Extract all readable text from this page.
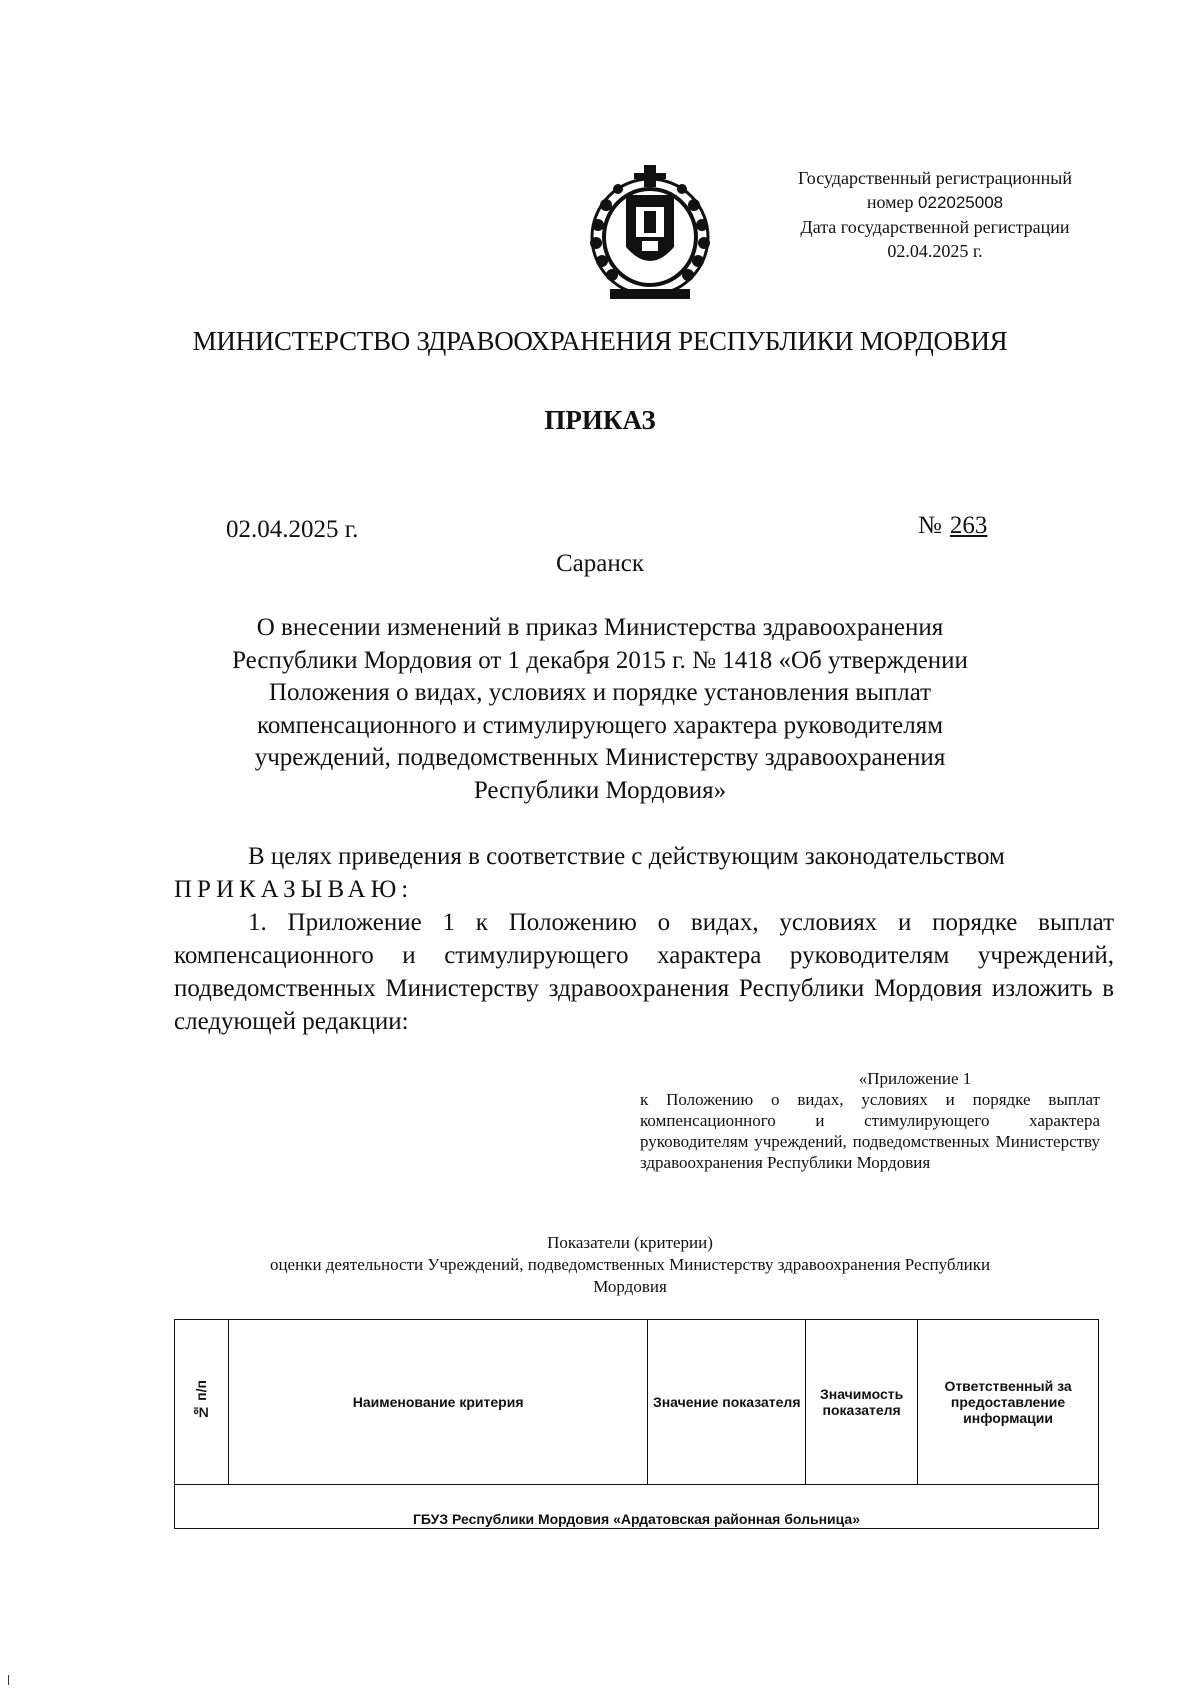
Государственный регистрационный
номер 022025008
Дата государственной регистрации
02.04.2025 г.
МИНИСТЕРСТВО ЗДРАВООХРАНЕНИЯ РЕСПУБЛИКИ МОРДОВИЯ
ПРИКАЗ
02.04.2025 г.	№ 263
Саранск
О внесении изменений в приказ Министерства здравоохранения
Республики Мордовия от 1 декабря 2015 г. № 1418 «Об утверждении
Положения о видах, условиях и порядке установления выплат
компенсационного и стимулирующего характера руководителям
учреждений, подведомственных Министерству здравоохранения
Республики Мордовия»

В целях приведения в соответствие с действующим законодательством

ПРИКАЗЫВАЮ:

1. Приложение 1 к Положению о видах, условиях и порядке выплат компенсационного и стимулирующего характера руководителям учреждений, подведомственных Министерству здравоохранения Республики Мордовия изложить в следующей редакции:

«Приложение 1
к Положению о видах, условиях и порядке выплат компенсационного и стимулирующего характера руководителям учреждений, подведомственных Министерству здравоохранения Республики Мордовия
Показатели (критерии)
оценки деятельности Учреждений, подведомственных Министерству здравоохранения Республики
Мордовия
№ п/п	Наименование критерия	Значение показателя	Значимость показателя	Ответственный за предоставление информации
ГБУЗ Республики Мордовия «Ардатовская районная больница»
